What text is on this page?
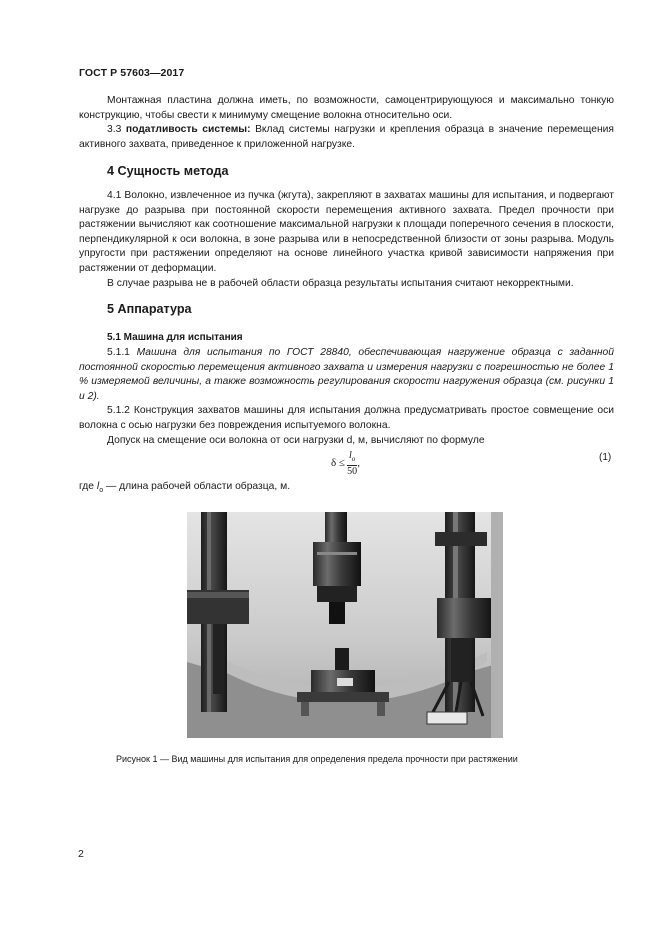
ГОСТ Р 57603—2017

Монтажная пластина должна иметь, по возможности, самоцентрирующуюся и максимально тонкую конструкцию, чтобы свести к минимуму смещение волокна относительно оси.

3.3 податливость системы: Вклад системы нагрузки и крепления образца в значение перемещения активного захвата, приведенное к приложенной нагрузке.

4 Сущность метода

4.1 Волокно, извлеченное из пучка (жгута), закрепляют в захватах машины для испытания, и подвергают нагрузке до разрыва при постоянной скорости перемещения активного захвата. Предел прочности при растяжении вычисляют как соотношение максимальной нагрузки к площади поперечного сечения в плоскости, перпендикулярной к оси волокна, в зоне разрыва или в непосредственной близости от зоны разрыва. Модуль упругости при растяжении определяют на основе линейного участка кривой зависимости напряжения при растяжении от деформации.

В случае разрыва не в рабочей области образца результаты испытания считают некорректными.

5 Аппаратура
5.1 Машина для испытания

5.1.1 Машина для испытания по ГОСТ 28840, обеспечивающая нагружение образца с заданной постоянной скоростью перемещения активного захвата и измерения нагрузки с погрешностью не более 1 % измеряемой величины, а также возможность регулирования скорости нагружения образца (см. рисунки 1 и 2).

5.1.2 Конструкция захватов машины для испытания должна предусматривать простое совмещение оси волокна с осью нагрузки без повреждения испытуемого волокна.

Допуск на смещение оси волокна от оси нагрузки d, м, вычисляют по формуле

$\delta \le \frac{l_о}{50}$ ,	(1)
где $l_о$ — длина рабочей области образца, м.
Рисунок 1 — Вид машины для испытания для определения предела прочности при растяжении
2
